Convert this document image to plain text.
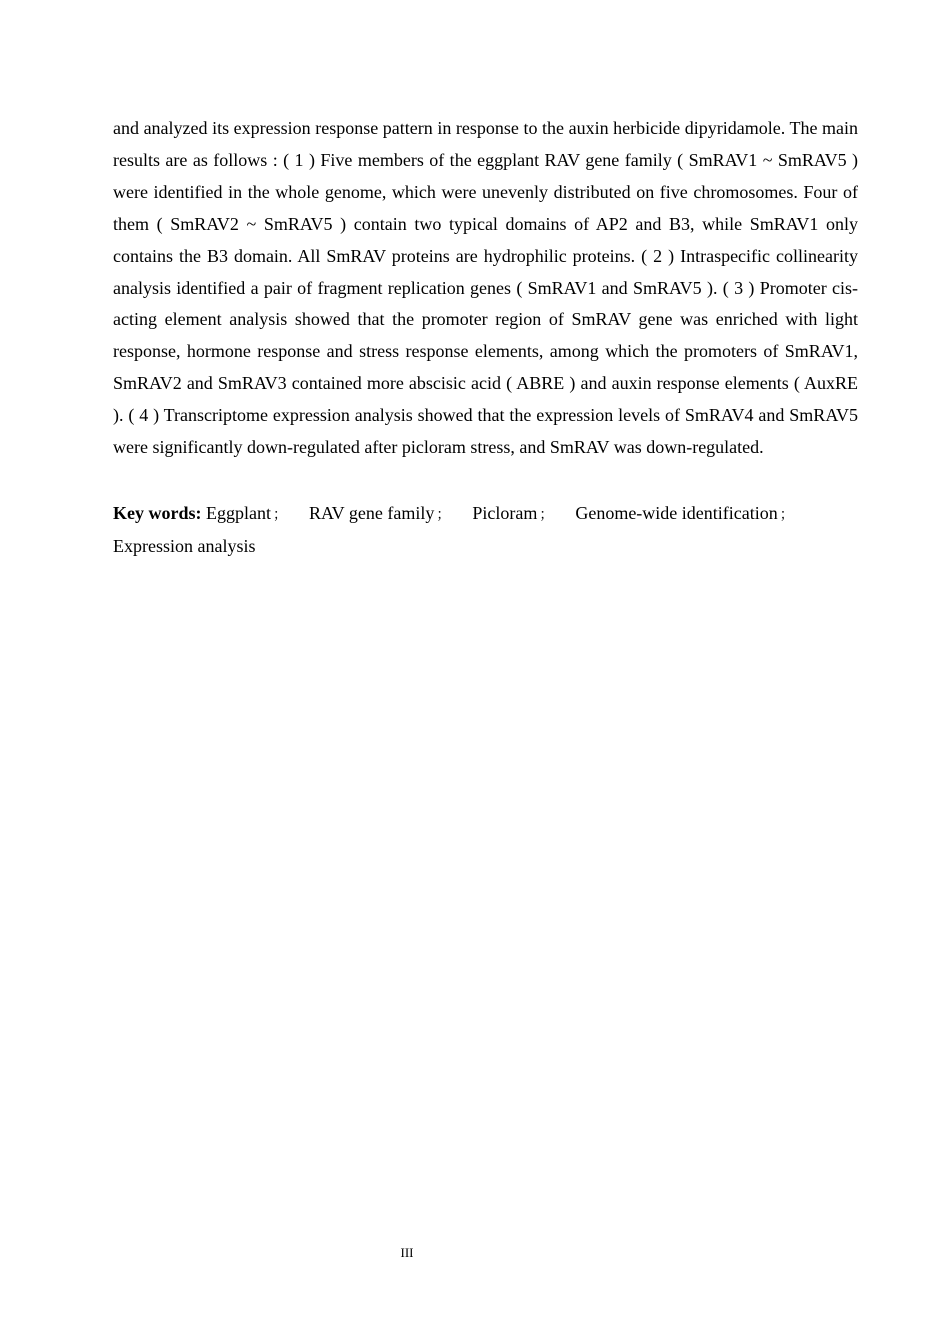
and analyzed its expression response pattern in response to the auxin herbicide dipyridamole. The main results are as follows : ( 1 ) Five members of the eggplant RAV gene family ( SmRAV1 ~ SmRAV5 ) were identified in the whole genome, which were unevenly distributed on five chromosomes. Four of them ( SmRAV2 ~ SmRAV5 ) contain two typical domains of AP2 and B3, while SmRAV1 only contains the B3 domain. All SmRAV proteins are hydrophilic proteins. ( 2 ) Intraspecific collinearity analysis identified a pair of fragment replication genes ( SmRAV1 and SmRAV5 ). ( 3 ) Promoter cis-acting element analysis showed that the promoter region of SmRAV gene was enriched with light response, hormone response and stress response elements, among which the promoters of SmRAV1, SmRAV2 and SmRAV3 contained more abscisic acid ( ABRE ) and auxin response elements ( AuxRE ). ( 4 ) Transcriptome expression analysis showed that the expression levels of SmRAV4 and SmRAV5 were significantly down-regulated after picloram stress, and SmRAV was down-regulated.

Key words: Eggplant ； RAV gene family ； Picloram ； Genome-wide identification ；
Expression analysis

III
